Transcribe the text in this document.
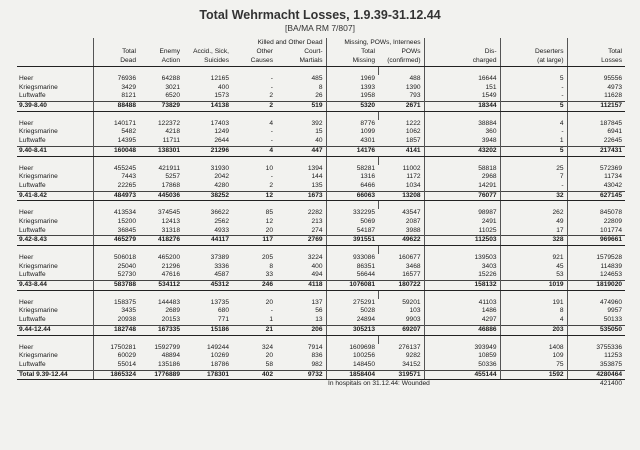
Total Wehrmacht Losses, 1.9.39-31.12.44
[BA/MA RM 7/807]
	Killed and Other Dead					Missing, POWs, Internees				
	Total	Enemy	Accid., Sick,	Other	Court-	Total	POWs	Dis-	Deserters	Total
	Dead	Action	Suicides	Causes	Martials	Missing	(confirmed)	charged	(at large)	Losses

Heer	76936	64288	12165	-	485	1969	488	16644	5	95556
Kriegsmarine	3429	3021	400	-	8	1393	1390	151	-	4973
Luftwaffe	8121	6520	1573	2	26	1958	793	1549	-	11628
9.39-8.40	88488	73829	14138	2	519	5320	2671	18344	5	112157

Heer	140171	122372	17403	4	392	8776	1222	38884	4	187845
Kriegsmarine	5482	4218	1249	-	15	1099	1062	360	-	6941
Luftwaffe	14395	11711	2644	-	40	4301	1857	3948	1	22645
9.40-8.41	160048	138301	21296	4	447	14176	4141	43202	5	217431

Heer	455245	421911	31930	10	1394	58281	11002	58818	25	572369
Kriegsmarine	7443	5257	2042	-	144	1316	1172	2968	7	11734
Luftwaffe	22265	17868	4280	2	135	6466	1034	14291	-	43042
9.41-8.42	484973	445036	38252	12	1673	66063	13208	76077	32	627145

Heer	413534	374545	36622	85	2282	332295	43547	98987	262	845078
Kriegsmarine	15200	12413	2562	12	213	5069	2087	2491	49	22809
Luftwaffe	36845	31318	4933	20	274	54187	3988	11025	17	101774
9.42-8.43	465279	418276	44117	117	2769	391551	49622	112503	328	969661

Heer	506018	465200	37389	205	3224	933086	160677	139503	921	1579528
Kriegsmarine	25040	21296	3336	8	400	86351	3468	3403	45	114839
Luftwaffe	52730	47616	4587	33	494	56644	16577	15226	53	124653
9.43-8.44	583788	534112	45312	246	4118	1076081	180722	158132	1019	1819020

Heer	158375	144483	13735	20	137	275291	59201	41103	191	474960
Kriegsmarine	3435	2689	680	-	56	5028	103	1486	8	9957
Luftwaffe	20938	20153	771	1	13	24894	9903	4297	4	50133
9.44-12.44	182748	167335	15186	21	206	305213	69207	46886	203	535050

Heer	1750281	1592799	149244	324	7914	1609698	276137	393949	1408	3755336
Kriegsmarine	60029	48894	10269	20	836	100256	9282	10859	109	11253
Luftwaffe	55014	135186	18786	58	982	148450	34152	50336	75	353875
Total 9.39-12.44	1865324	1776889	178301	402	9732	1858404	319571	455144	1592	4280464
						In hospitals on 31.12.44: Wounded				421400
